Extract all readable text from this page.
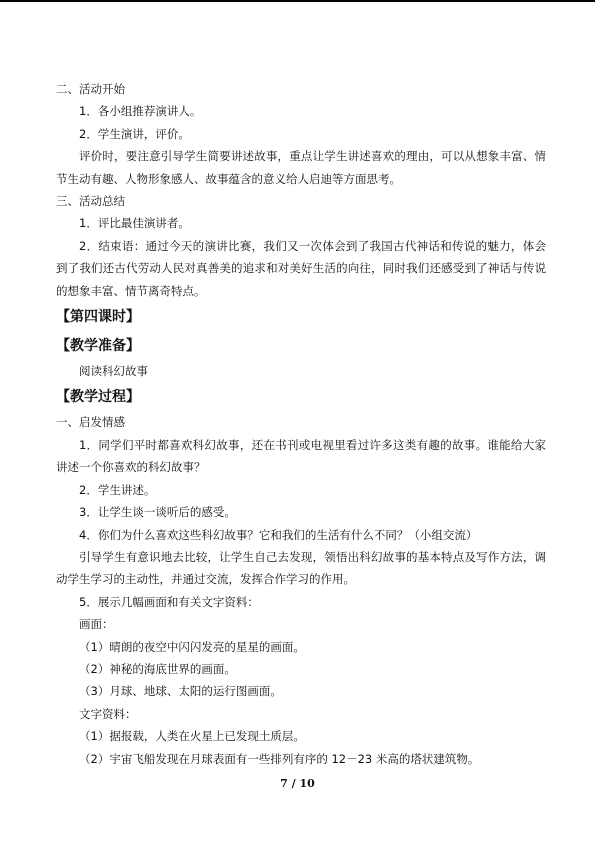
二、活动开始
1．各小组推荐演讲人。
2．学生演讲，评价。
评价时，要注意引导学生简要讲述故事，重点让学生讲述喜欢的理由，可以从想象丰富、情节生动有趣、人物形象感人、故事蕴含的意义给人启迪等方面思考。
三、活动总结
1．评比最佳演讲者。
2．结束语：通过今天的演讲比赛，我们又一次体会到了我国古代神话和传说的魅力，体会到了我们还古代劳动人民对真善美的追求和对美好生活的向往，同时我们还感受到了神话与传说的想象丰富、情节离奇特点。
【第四课时】
【教学准备】
阅读科幻故事
【教学过程】
一、启发情感
1．同学们平时都喜欢科幻故事，还在书刊或电视里看过许多这类有趣的故事。谁能给大家讲述一个你喜欢的科幻故事？
2．学生讲述。
3．让学生谈一谈听后的感受。
4．你们为什么喜欢这些科幻故事？它和我们的生活有什么不同？（小组交流）
引导学生有意识地去比较，让学生自己去发现，领悟出科幻故事的基本特点及写作方法，调动学生学习的主动性，并通过交流，发挥合作学习的作用。
5．展示几幅画面和有关文字资料：
画面：
（1）晴朗的夜空中闪闪发亮的星星的画面。
（2）神秘的海底世界的画面。
（3）月球、地球、太阳的运行图画面。
文字资料：
（1）据报载，人类在火星上已发现土质层。
（2）宇宙飞船发现在月球表面有一些排列有序的 12－23 米高的塔状建筑物。
7 / 10
